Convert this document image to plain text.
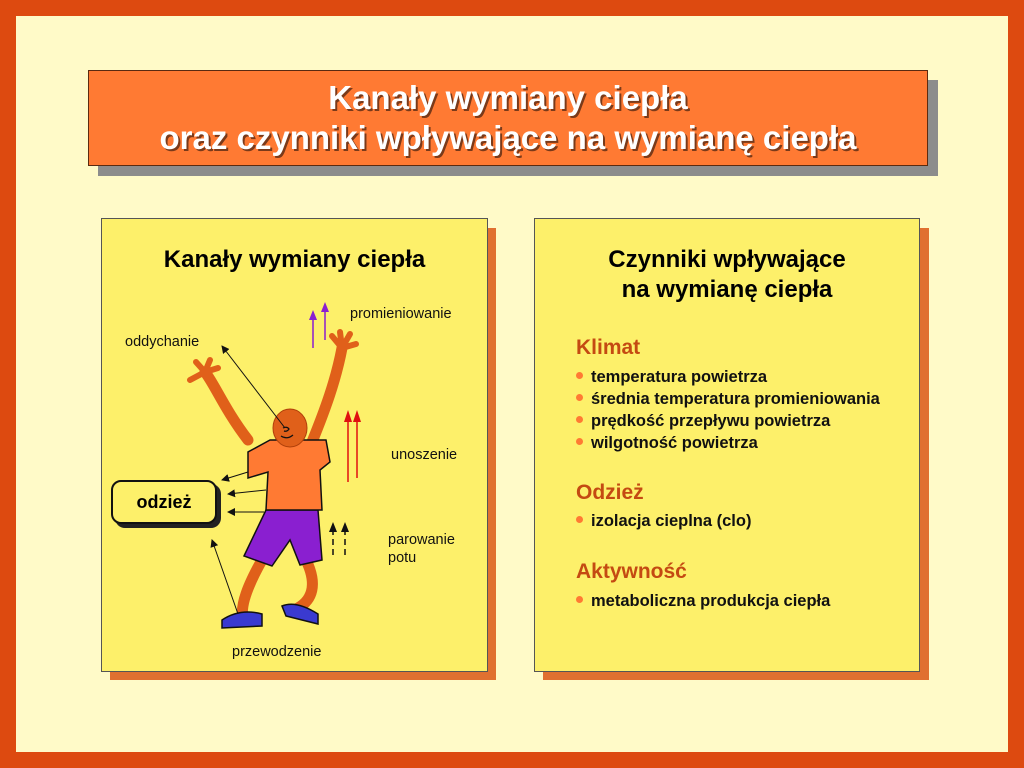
Kanały wymiany ciepła
oraz czynniki wpływające na wymianę ciepła
Kanały wymiany ciepła	Czynniki wpływające
na wymianę ciepła
promieniowanie
oddychanie
unoszenie
parowanie
potu
przewodzenie
odzież
Klimat
temperatura powietrza
średnia temperatura promieniowania
prędkość przepływu powietrza
wilgotność powietrza
Odzież
izolacja cieplna (clo)
Aktywność
metaboliczna produkcja ciepła
